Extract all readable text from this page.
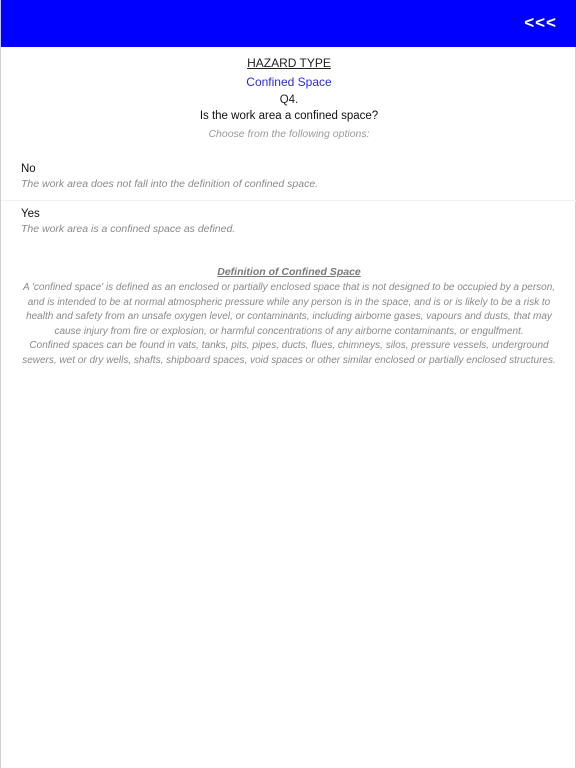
<<<
HAZARD TYPE
Confined Space
Q4.
Is the work area a confined space?
Choose from the following options:
No
The work area does not fall into the definition of confined space.
Yes
The work area is a confined space as defined.
Definition of Confined Space

A 'confined space' is defined as an enclosed or partially enclosed space that is not designed to be occupied by a person, and is intended to be at normal atmospheric pressure while any person is in the space, and is or is likely to be a risk to health and safety from an unsafe oxygen level, or contaminants, including airborne gases, vapours and dusts, that may cause injury from fire or explosion, or harmful concentrations of any airborne contaminants, or engulfment.

Confined spaces can be found in vats, tanks, pits, pipes, ducts, flues, chimneys, silos, pressure vessels, underground sewers, wet or dry wells, shafts, shipboard spaces, void spaces or other similar enclosed or partially enclosed structures.
